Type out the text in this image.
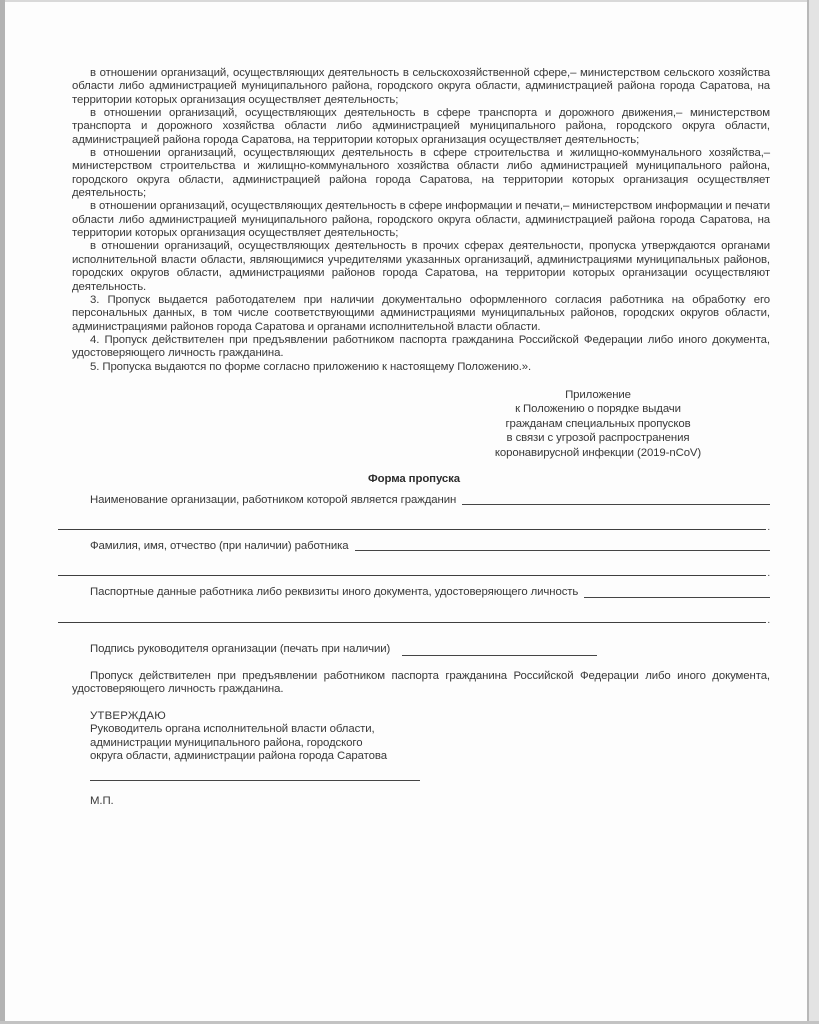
в отношении организаций, осуществляющих деятельность в сельскохозяйственной сфере,– министерством сельского хозяйства области либо администрацией муниципального района, городского округа области, администрацией района города Саратова, на территории которых организация осуществляет деятельность;

в отношении организаций, осуществляющих деятельность в сфере транспорта и дорожного движения,– министерством транспорта и дорожного хозяйства области либо администрацией муниципального района, городского округа области, администрацией района города Саратова, на территории которых организация осуществляет деятельность;

в отношении организаций, осуществляющих деятельность в сфере строительства и жилищно-коммунального хозяйства,– министерством строительства и жилищно-коммунального хозяйства области либо администрацией муниципального района, городского округа области, администрацией района города Саратова, на территории которых организация осуществляет деятельность;

в отношении организаций, осуществляющих деятельность в сфере информации и печати,– министерством информации и печати области либо администрацией муниципального района, городского округа области, администрацией района города Саратова, на территории которых организация осуществляет деятельность;

в отношении организаций, осуществляющих деятельность в прочих сферах деятельности, пропуска утверждаются органами исполнительной власти области, являющимися учредителями указанных организаций, администрациями муниципальных районов, городских округов области, администрациями районов города Саратова, на территории которых организации осуществляют деятельность.

3. Пропуск выдается работодателем при наличии документально оформленного согласия работника на обработку его персональных данных, в том числе соответствующими администрациями муниципальных районов, городских округов области, администрациями районов города Саратова и органами исполнительной власти области.

4. Пропуск действителен при предъявлении работником паспорта гражданина Российской Федерации либо иного документа, удостоверяющего личность гражданина.

5. Пропуска выдаются по форме согласно приложению к настоящему Положению.».

Приложение
к Положению о порядке выдачи
гражданам специальных пропусков
в связи с угрозой распространения
коронавирусной инфекции (2019-nCoV)
Форма пропуска
Наименование организации, работником которой является гражданин
.
Фамилия, имя, отчество (при наличии) работника
.
Паспортные данные работника либо реквизиты иного документа, удостоверяющего личность
.
Подпись руководителя организации (печать при наличии)

Пропуск действителен при предъявлении работником паспорта гражданина Российской Федерации либо иного документа, удостоверяющего личность гражданина.

УТВЕРЖДАЮ
Руководитель органа исполнительной власти области,
администрации муниципального района, городского
округа области, администрации района города Саратова
М.П.
